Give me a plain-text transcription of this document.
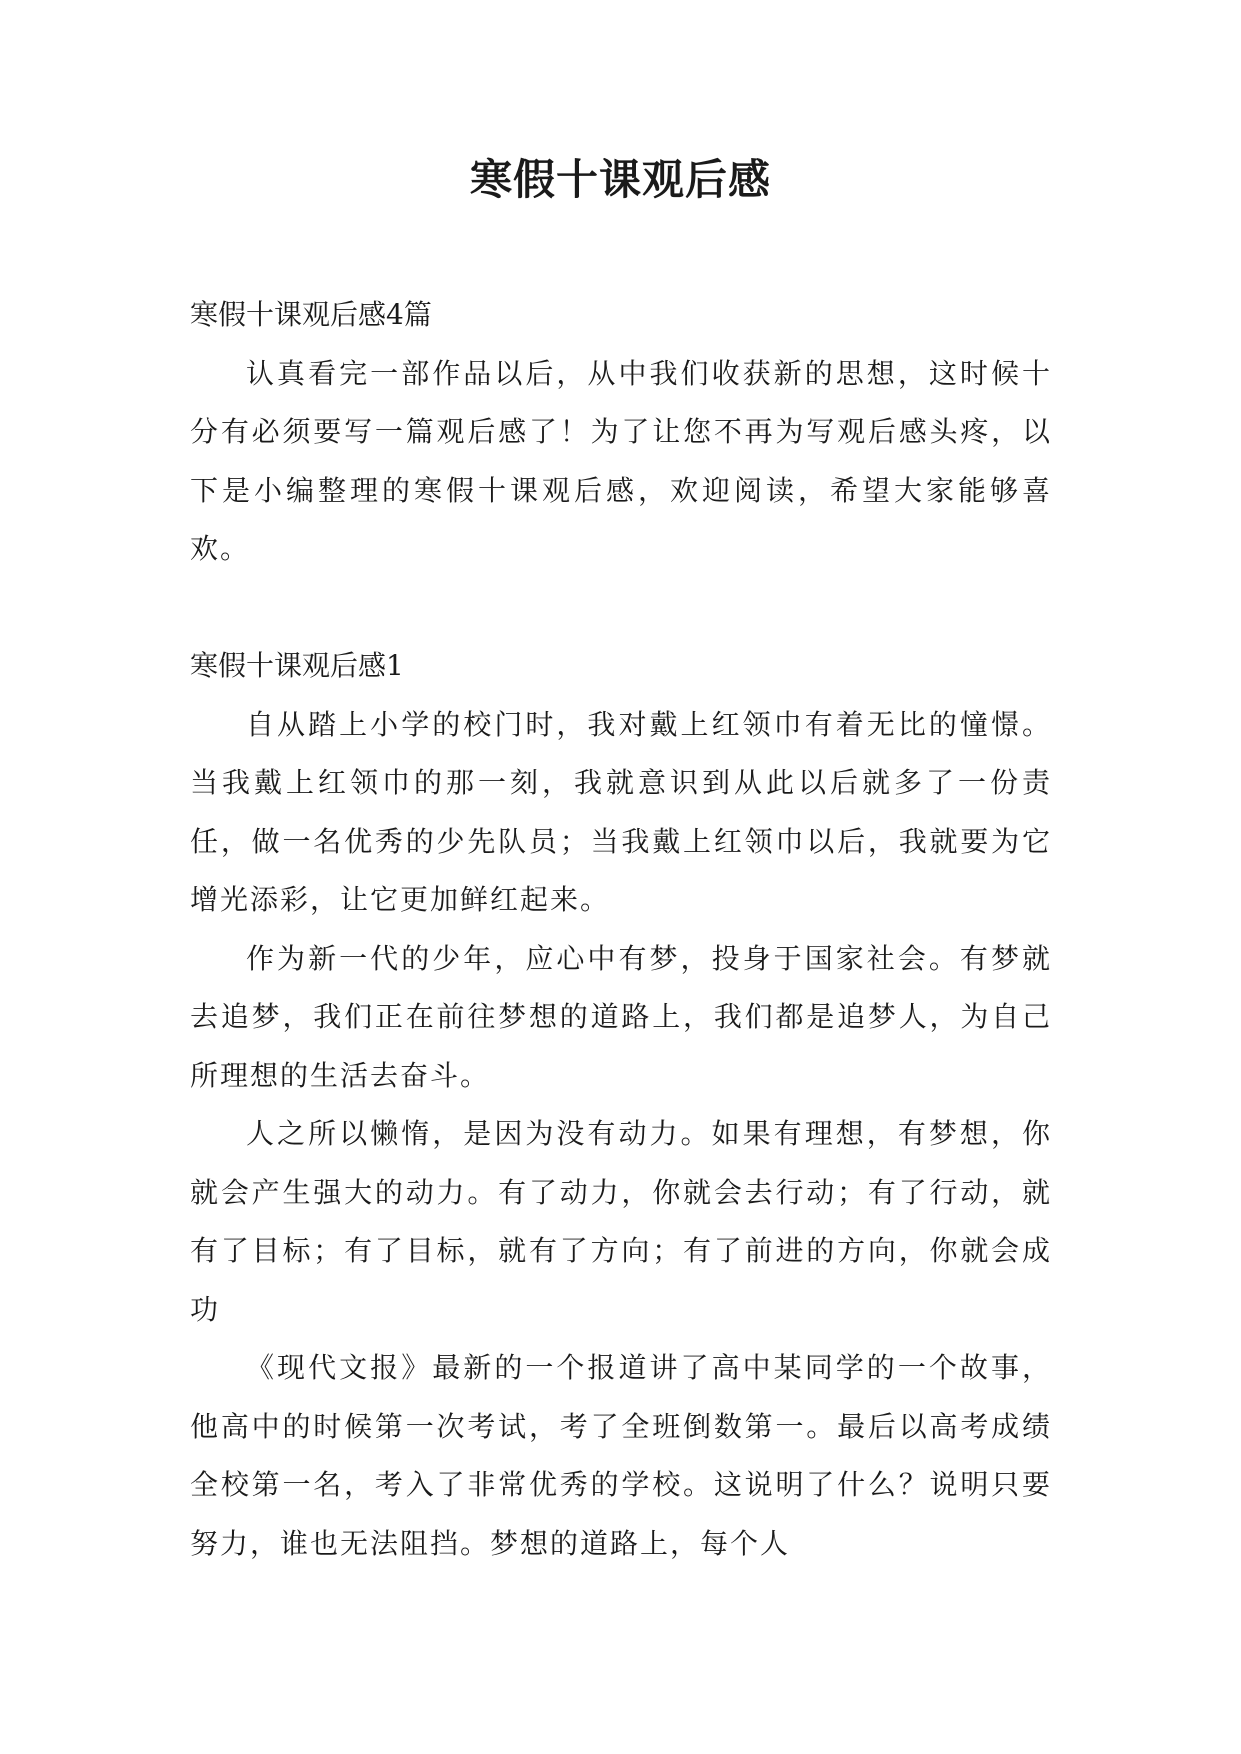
寒假十课观后感

寒假十课观后感4篇

认真看完一部作品以后，从中我们收获新的思想，这时候十分有必须要写一篇观后感了！为了让您不再为写观后感头疼，以下是小编整理的寒假十课观后感，欢迎阅读，希望大家能够喜欢。

寒假十课观后感1

自从踏上小学的校门时，我对戴上红领巾有着无比的憧憬。当我戴上红领巾的那一刻，我就意识到从此以后就多了一份责任，做一名优秀的少先队员；当我戴上红领巾以后，我就要为它增光添彩，让它更加鲜红起来。

作为新一代的少年，应心中有梦，投身于国家社会。有梦就去追梦，我们正在前往梦想的道路上，我们都是追梦人，为自己所理想的生活去奋斗。

人之所以懒惰，是因为没有动力。如果有理想，有梦想，你就会产生强大的动力。有了动力，你就会去行动；有了行动，就有了目标；有了目标，就有了方向；有了前进的方向，你就会成功

《现代文报》最新的一个报道讲了高中某同学的一个故事，他高中的时候第一次考试，考了全班倒数第一。最后以高考成绩全校第一名，考入了非常优秀的学校。这说明了什么？说明只要努力，谁也无法阻挡。梦想的道路上，每个人
